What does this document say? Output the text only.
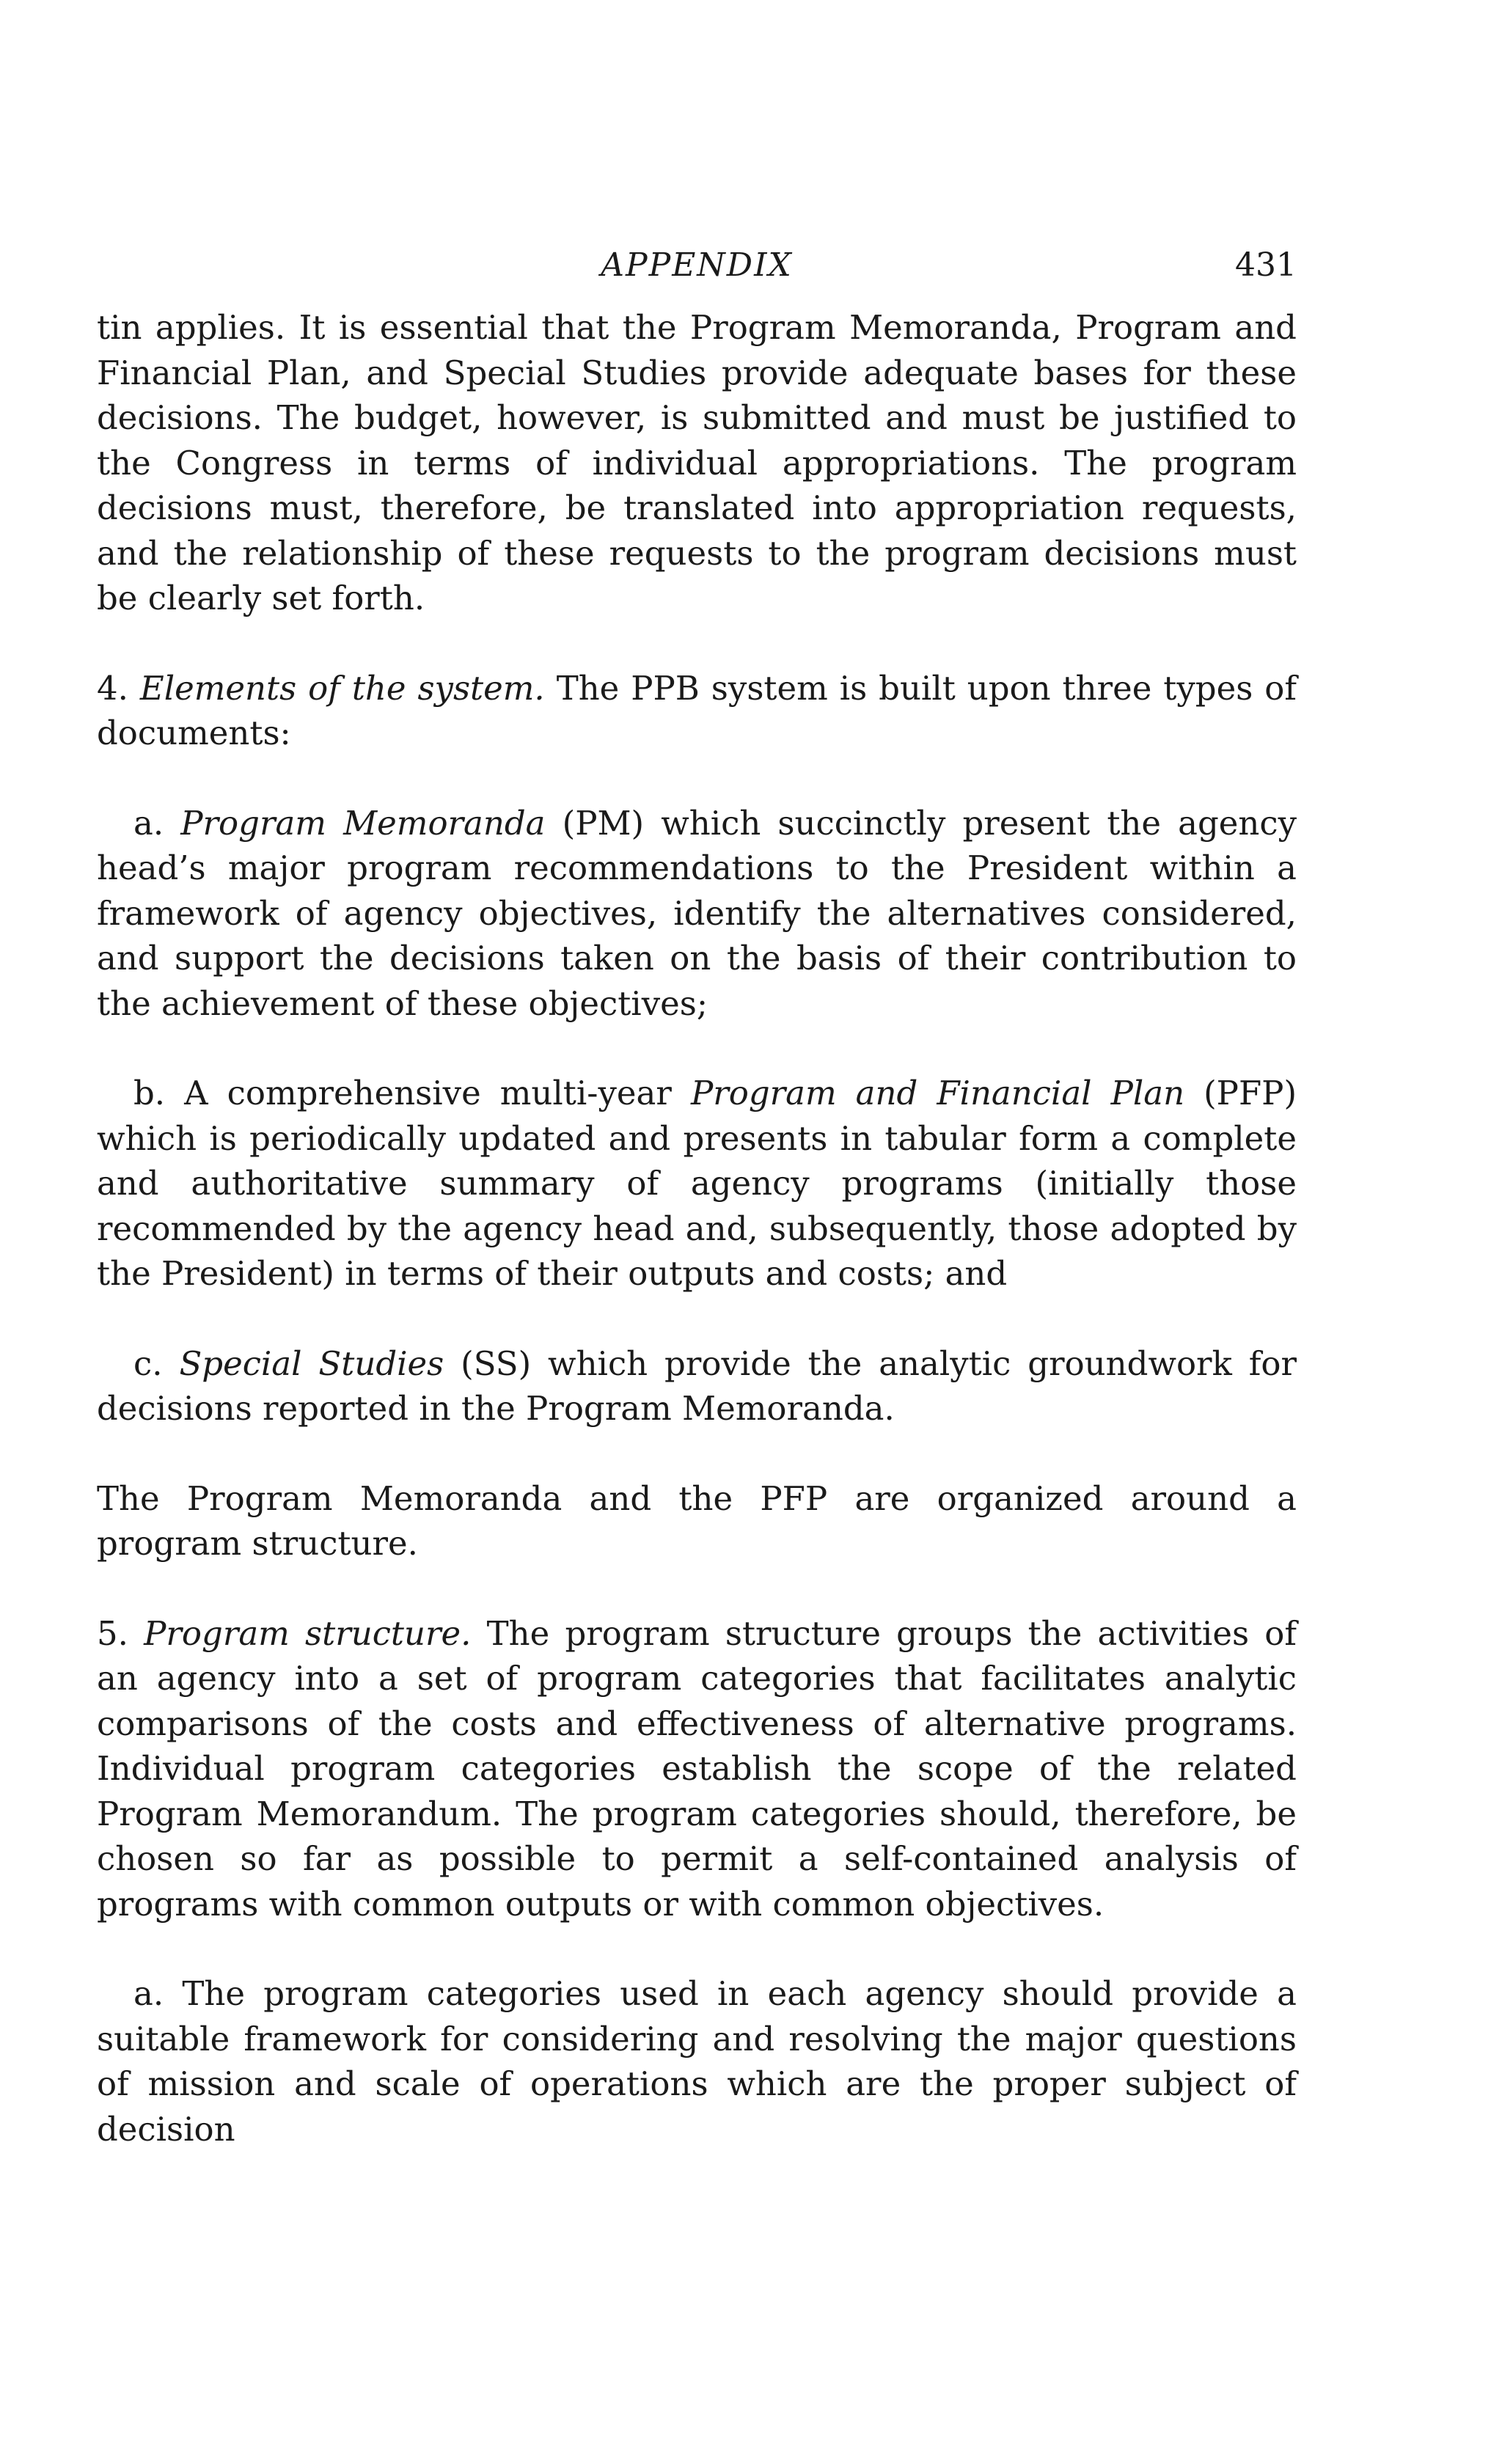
APPENDIX	431

tin applies. It is essential that the Program Memoranda, Program and Financial Plan, and Special Studies provide adequate bases for these decisions. The budget, however, is submitted and must be justified to the Congress in terms of individual appropriations. The program decisions must, therefore, be translated into appropriation requests, and the relationship of these requests to the program decisions must be clearly set forth.

4. Elements of the system. The PPB system is built upon three types of documents:

a. Program Memoranda (PM) which succinctly present the agency head’s major program recommendations to the President within a framework of agency objectives, identify the alternatives considered, and support the decisions taken on the basis of their contribution to the achievement of these objectives;

b. A comprehensive multi-year Program and Financial Plan (PFP) which is periodically updated and presents in tabular form a complete and authoritative summary of agency programs (initially those recommended by the agency head and, subsequently, those adopted by the President) in terms of their outputs and costs; and

c. Special Studies (SS) which provide the analytic groundwork for decisions reported in the Program Memoranda.

The Program Memoranda and the PFP are organized around a program structure.

5. Program structure. The program structure groups the activities of an agency into a set of program categories that facilitates analytic comparisons of the costs and effectiveness of alternative programs. Individual program categories establish the scope of the related Program Memorandum. The program categories should, therefore, be chosen so far as possible to permit a self-contained analysis of programs with common outputs or with common objectives.

a. The program categories used in each agency should provide a suitable framework for considering and resolving the major questions of mission and scale of operations which are the proper subject of decision
